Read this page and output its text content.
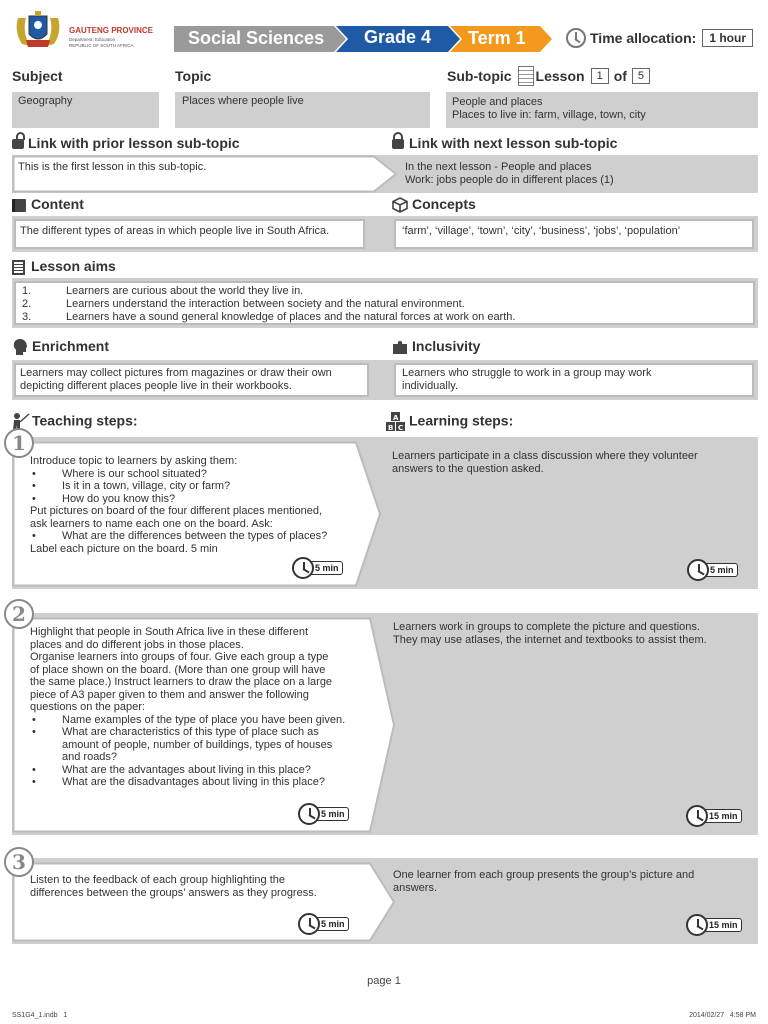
GAUTENG PROVINCE
Department: Education
REPUBLIC OF SOUTH AFRICA	Social Sciences Grade 4 Term 1	Time allocation:	1 hour
Subject	Topic	Sub-topic Lesson	1 of	5
Geography	Places where people live	People and places
Places to live in: farm, village, town, city
Link with prior lesson sub-topic	Link with next lesson sub-topic
This is the first lesson in this sub-topic.	In the next lesson - People and places
Work: jobs people do in different places (1)
Content	Concepts
The different types of areas in which people live in South Africa.	‘farm’, ‘village’, ‘town’, ‘city’, ‘business’, ‘jobs’, ‘population’
Lesson aims
1.	Learners are curious about the world they live in.
2.	Learners understand the interaction between society and the natural environment.
3.	Learners have a sound general knowledge of places and the natural forces at work on earth.
Enrichment	Inclusivity
Learners may collect pictures from magazines or draw their own
depicting different places people live in their workbooks.
Learners who struggle to work in a group may work
individually.
Teaching steps:	A
B C Learning steps:
1
Introduce topic to learners by asking them:
• Where is our school situated?
• Is it in a town, village, city or farm?
• How do you know this?
Put pictures on board of the four different places mentioned,
ask learners to name each one on the board. Ask:
• What are the differences between the types of places?
Label each picture on the board. 5 min
Learners participate in a class discussion where they volunteer
answers to the question asked.
5 min	5 min
2
Highlight that people in South Africa live in these different
places and do different jobs in those places.
Organise learners into groups of four. Give each group a type
of place shown on the board. (More than one group will have
the same place.) Instruct learners to draw the place on a large
piece of A3 paper given to them and answer the following
questions on the paper:
• Name examples of the type of place you have been given.
• What are characteristics of this type of place such as
amount of people, number of buildings, types of houses
and roads?
• What are the advantages about living in this place?
• What are the disadvantages about living in this place?
Learners work in groups to complete the picture and questions.
They may use atlases, the internet and textbooks to assist them.
5 min	15 min
3
Listen to the feedback of each group highlighting the
differences between the groups’ answers as they progress.
One learner from each group presents the group’s picture and
answers.
5 min	15 min
page 1
SS1G4_1.indb   1	2014/02/27   4:58 PM
